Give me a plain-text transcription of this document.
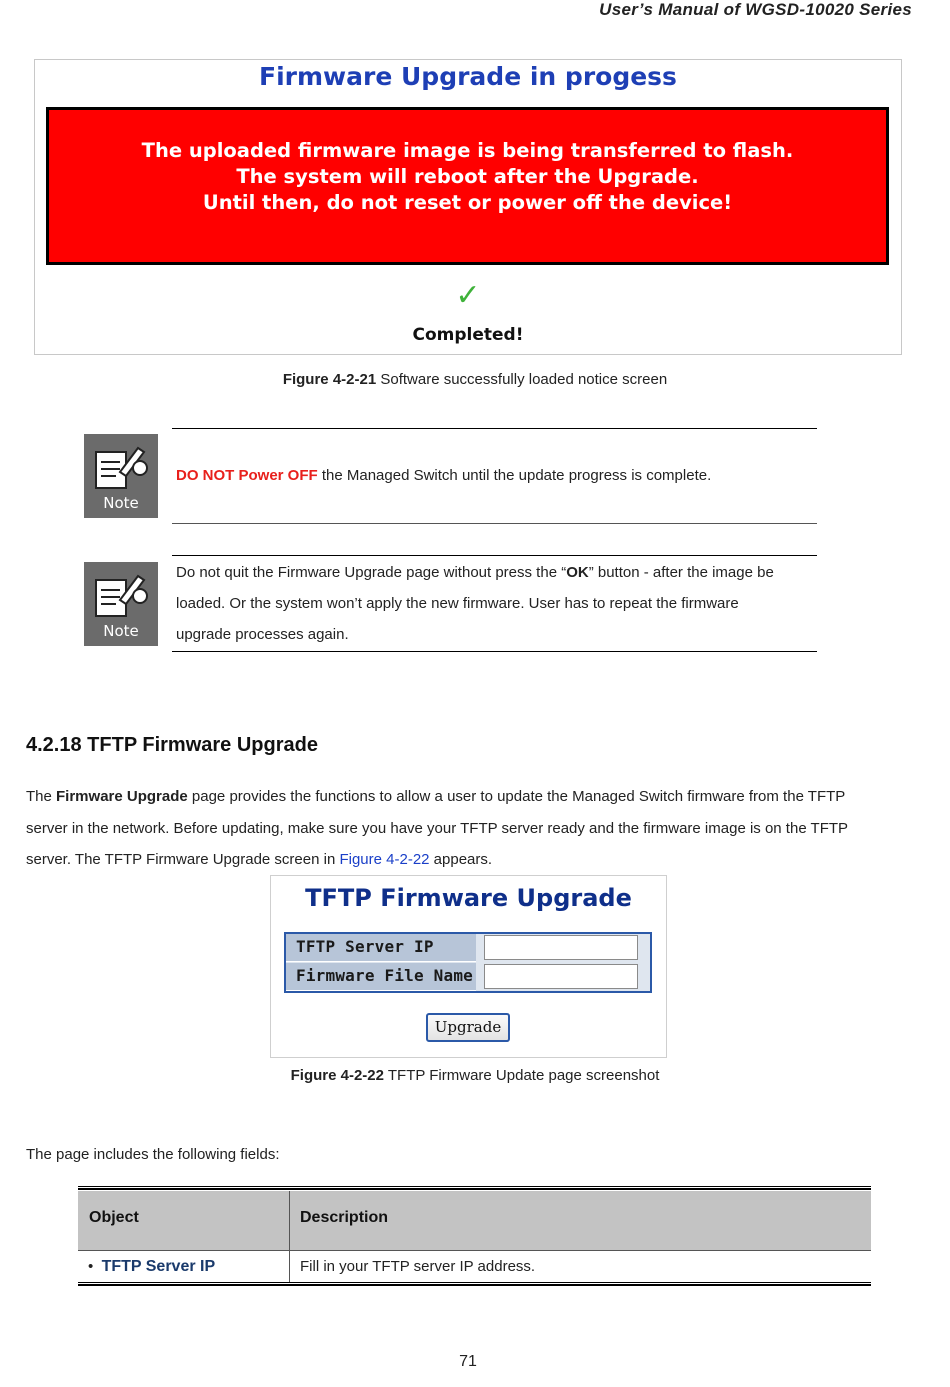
User’s Manual of WGSD-10020 Series
Firmware Upgrade in progess
The uploaded firmware image is being transferred to flash.
The system will reboot after the Upgrade.
Until then, do not reset or power off the device!
✓
Completed!
Figure 4-2-21 Software successfully loaded notice screen
Note
DO NOT Power OFF the Managed Switch until the update progress is complete.
Note
Do not quit the Firmware Upgrade page without press the “OK” button - after the image be
loaded. Or the system won’t apply the new firmware. User has to repeat the firmware
upgrade processes again.
4.2.18 TFTP Firmware Upgrade
The Firmware Upgrade page provides the functions to allow a user to update the Managed Switch firmware from the TFTP
server in the network. Before updating, make sure you have your TFTP server ready and the firmware image is on the TFTP
server. The TFTP Firmware Upgrade screen in Figure 4-2-22 appears.
TFTP Firmware Upgrade
TFTP Server IP
Firmware File Name
Upgrade
Figure 4-2-22 TFTP Firmware Update page screenshot
The page includes the following fields:
Object	Description
• TFTP Server IP	Fill in your TFTP server IP address.
71
